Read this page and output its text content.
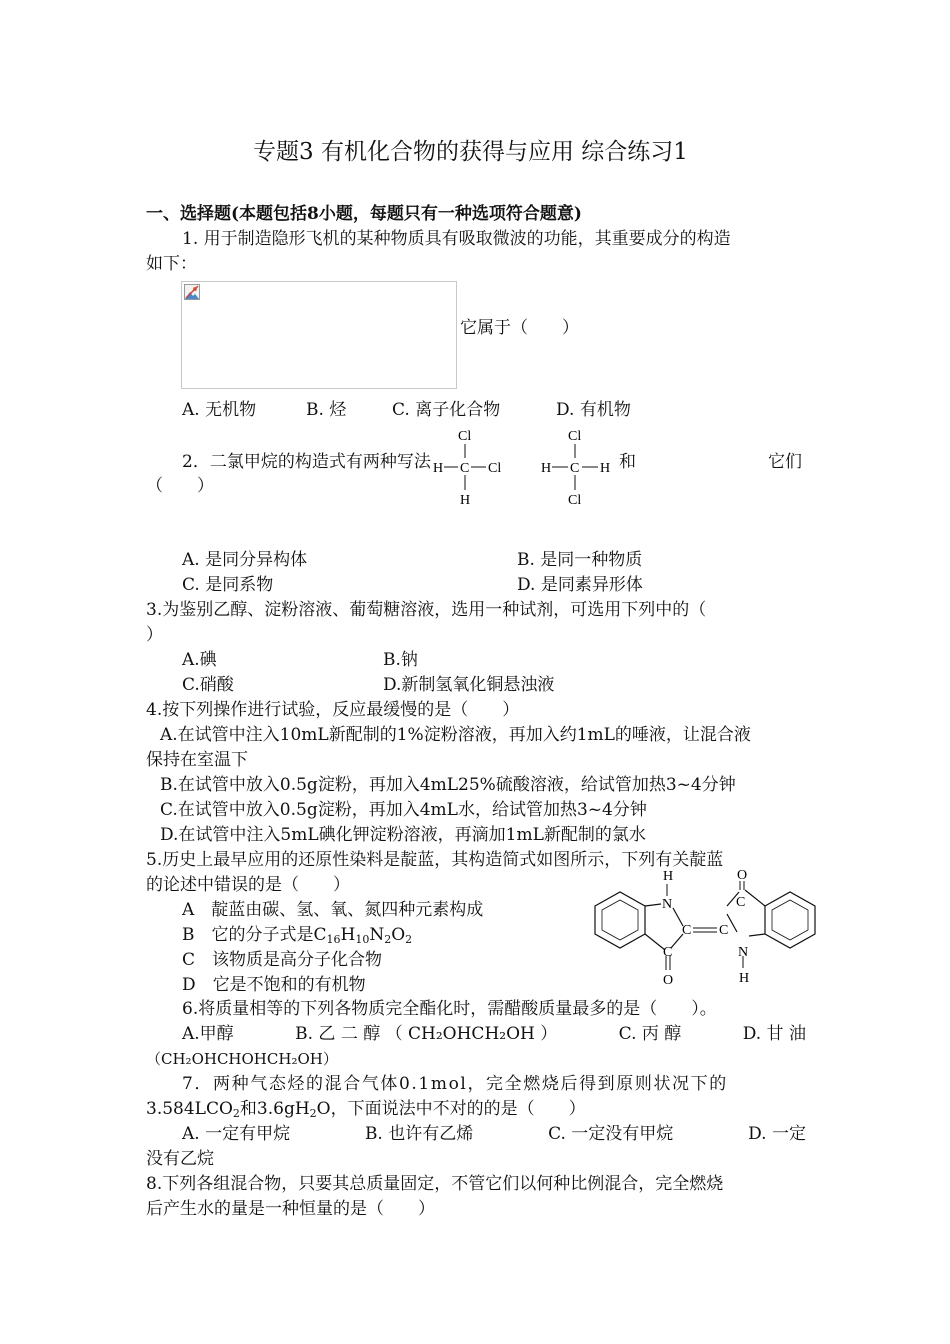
专题3 有机化合物的获得与应用 综合练习1
一、选择题(本题包括8小题，每题只有一种选项符合题意)
1. 用于制造隐形飞机的某种物质具有吸取微波的功能，其重要成分的构造
如下：
它属于（　　）
A. 无机物	B. 烃	C. 离子化合物	D. 有机物
2．二氯甲烷的构造式有两种写法	和	它们
（　　）
Cl
H C Cl
H
Cl
H C H
Cl
A. 是同分异构体	B. 是同一种物质
C. 是同系物	D. 是同素异形体
3.为鉴别乙醇、淀粉溶液、葡萄糖溶液，选用一种试剂，可选用下列中的（
）
A.碘	B.钠
C.硝酸	D.新制氢氧化铜悬浊液
4.按下列操作进行试验，反应最缓慢的是（　　）
A.在试管中注入10mL新配制的1%淀粉溶液，再加入约1mL的唾液，让混合液
保持在室温下
B.在试管中放入0.5g淀粉，再加入4mL25%硫酸溶液，给试管加热3~4分钟
C.在试管中放入0.5g淀粉，再加入4mL水，给试管加热3~4分钟
D.在试管中注入5mL碘化钾淀粉溶液，再滴加1mL新配制的氯水
5.历史上最早应用的还原性染料是靛蓝，其构造简式如图所示，下列有关靛蓝
的论述中错误的是（　　）
A　靛蓝由碳、氢、氧、氮四种元素构成
B　它的分子式是$C_{16}H_{10}N_2O_2$
C　该物质是高分子化合物
D　它是不饱和的有机物
H
N
O
C
C C
C
O
N
H
6.将质量相等的下列各物质完全酯化时，需醋酸质量最多的是（　　）。
A.甲醇	B. 乙 二 醇 （ CH₂OHCH₂OH ）	C. 丙 醇	D. 甘 油
（CH₂OHCHOHCH₂OH）
7．两种气态烃的混合气体0.1mol，完全燃烧后得到原则状况下的
$3.584LCO_2$和$3.6gH_2O$，下面说法中不对的的是（　　）
A. 一定有甲烷	B. 也许有乙烯	C. 一定没有甲烷	D. 一定
没有乙烷
8.下列各组混合物，只要其总质量固定，不管它们以何种比例混合，完全燃烧
后产生水的量是一种恒量的是（　　）
